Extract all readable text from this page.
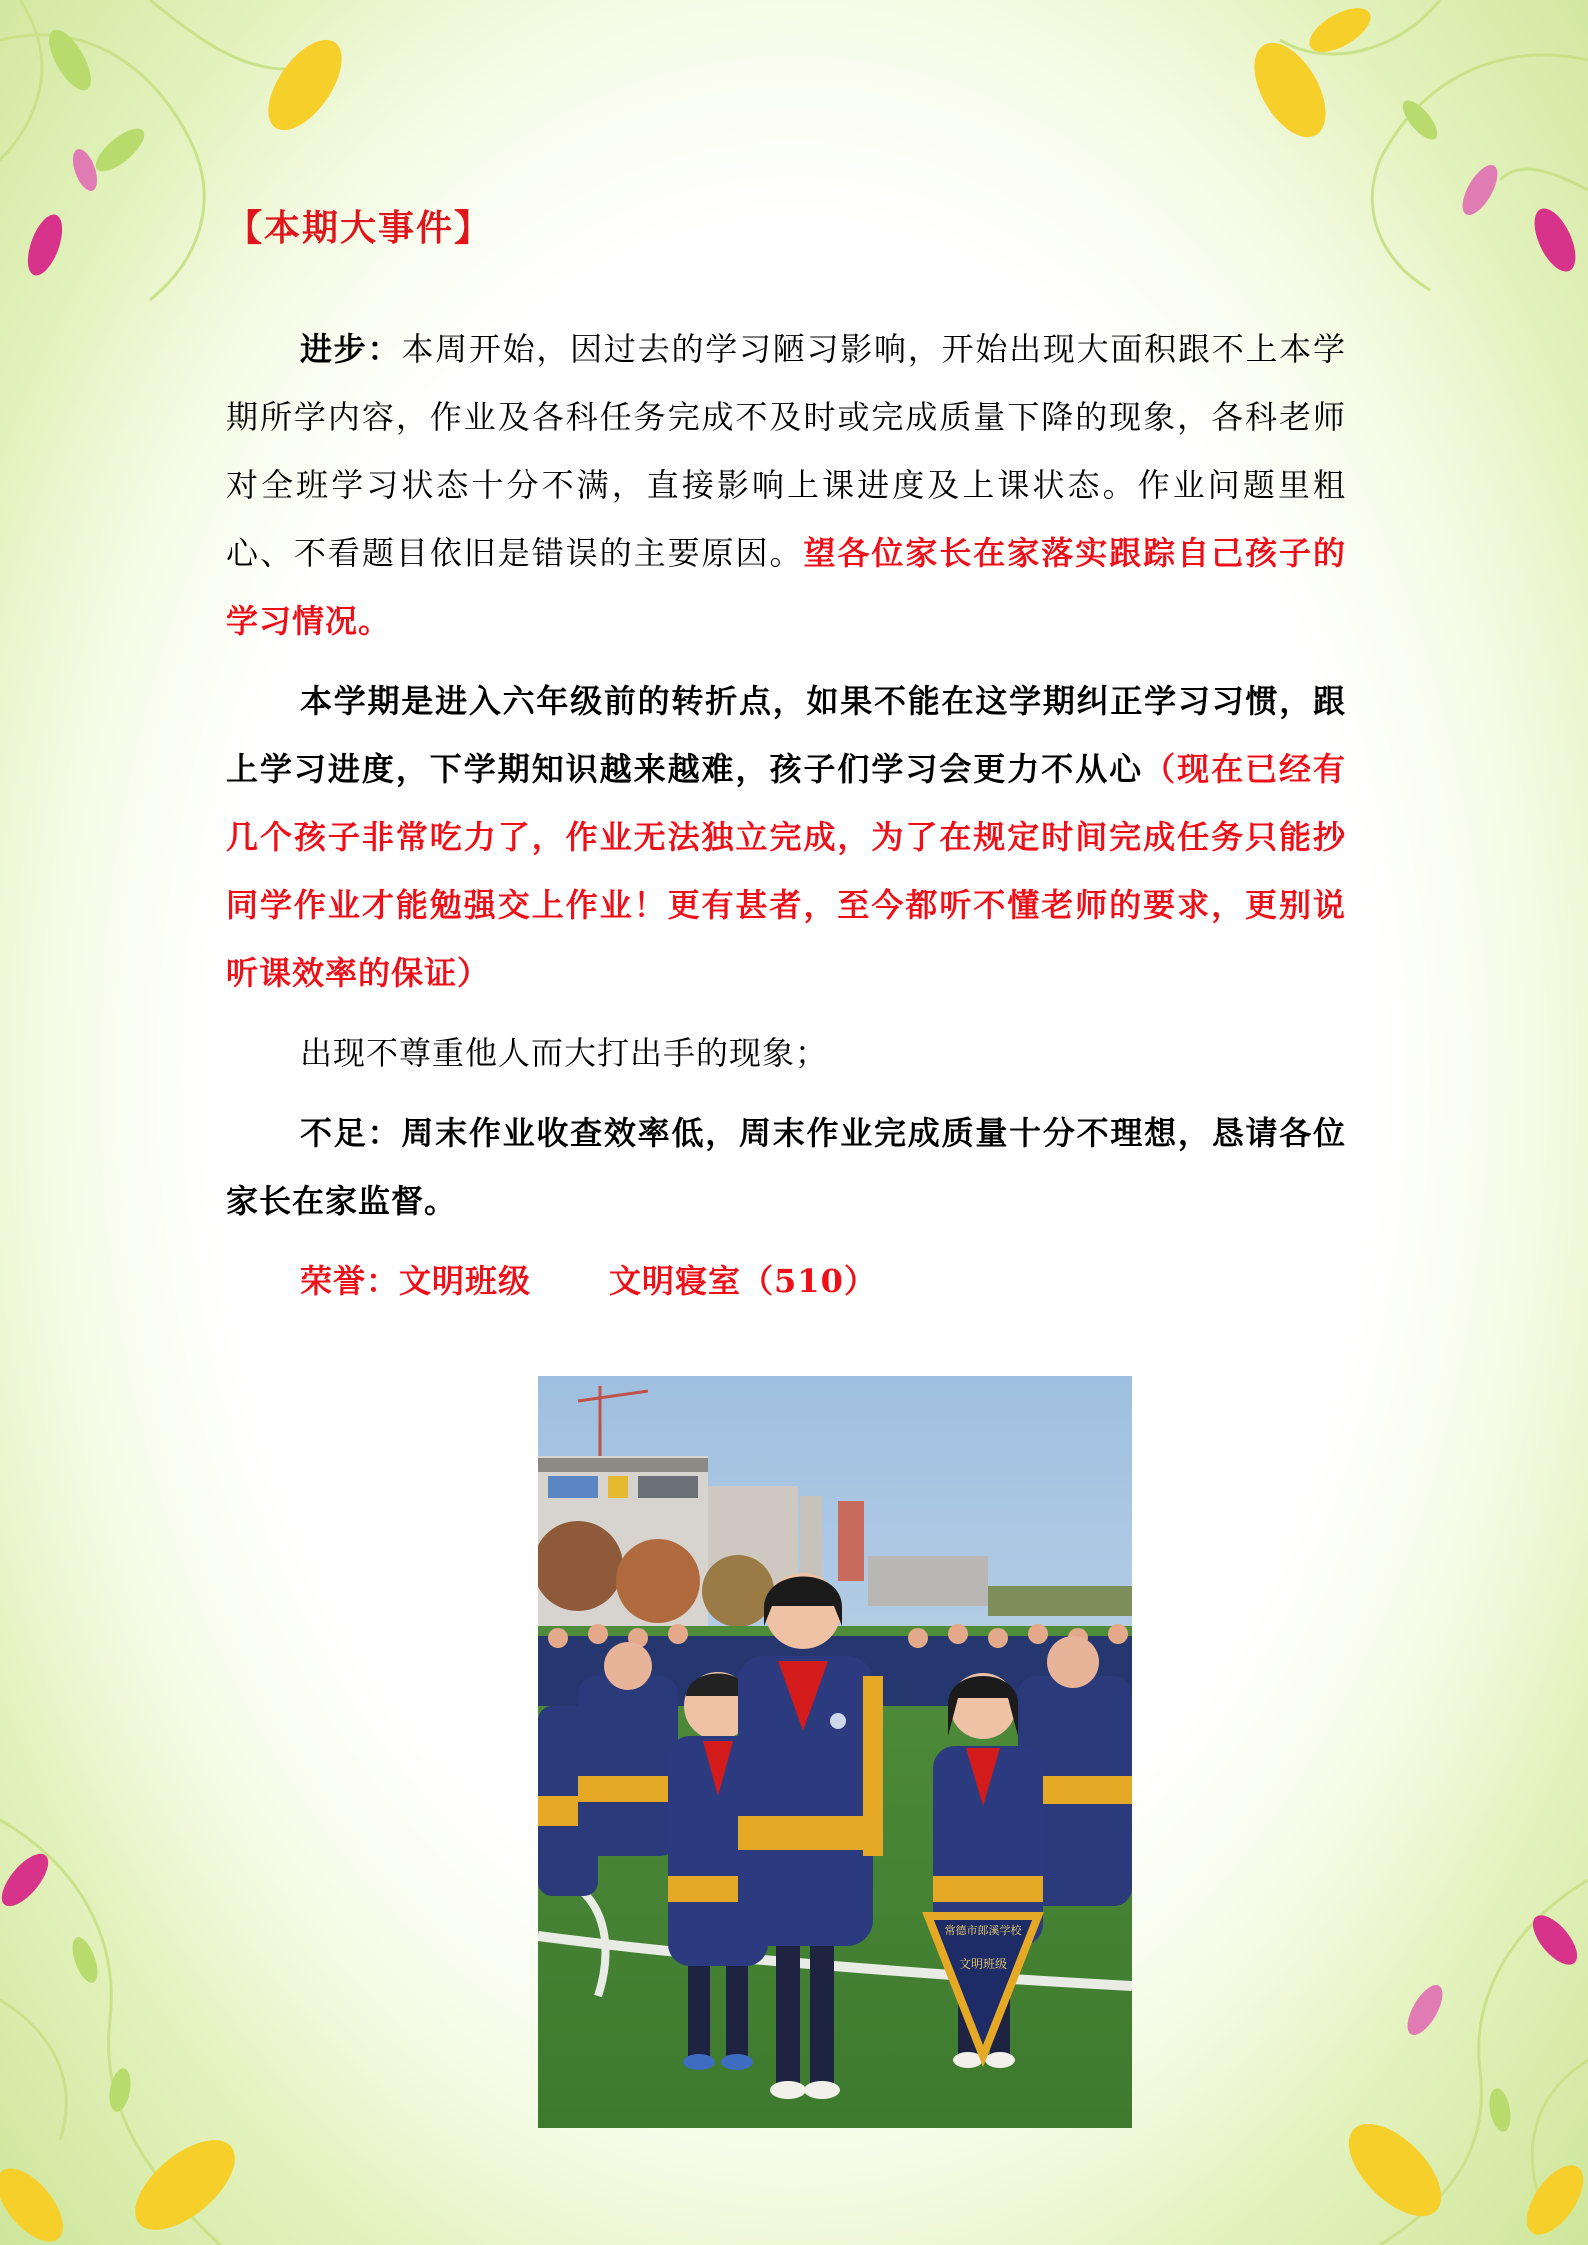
【本期大事件】

进步：本周开始，因过去的学习陋习影响，开始出现大面积跟不上本学期所学内容，作业及各科任务完成不及时或完成质量下降的现象，各科老师对全班学习状态十分不满，直接影响上课进度及上课状态。作业问题里粗心、不看题目依旧是错误的主要原因。望各位家长在家落实跟踪自己孩子的学习情况。

本学期是进入六年级前的转折点，如果不能在这学期纠正学习习惯，跟上学习进度，下学期知识越来越难，孩子们学习会更力不从心（现在已经有几个孩子非常吃力了，作业无法独立完成，为了在规定时间完成任务只能抄同学作业才能勉强交上作业！更有甚者，至今都听不懂老师的要求，更别说听课效率的保证）

出现不尊重他人而大打出手的现象；

不足：周末作业收查效率低，周末作业完成质量十分不理想，恳请各位家长在家监督。

荣誉：文明班级 文明寝室（510）

常德市郎溪学校
文明班级
